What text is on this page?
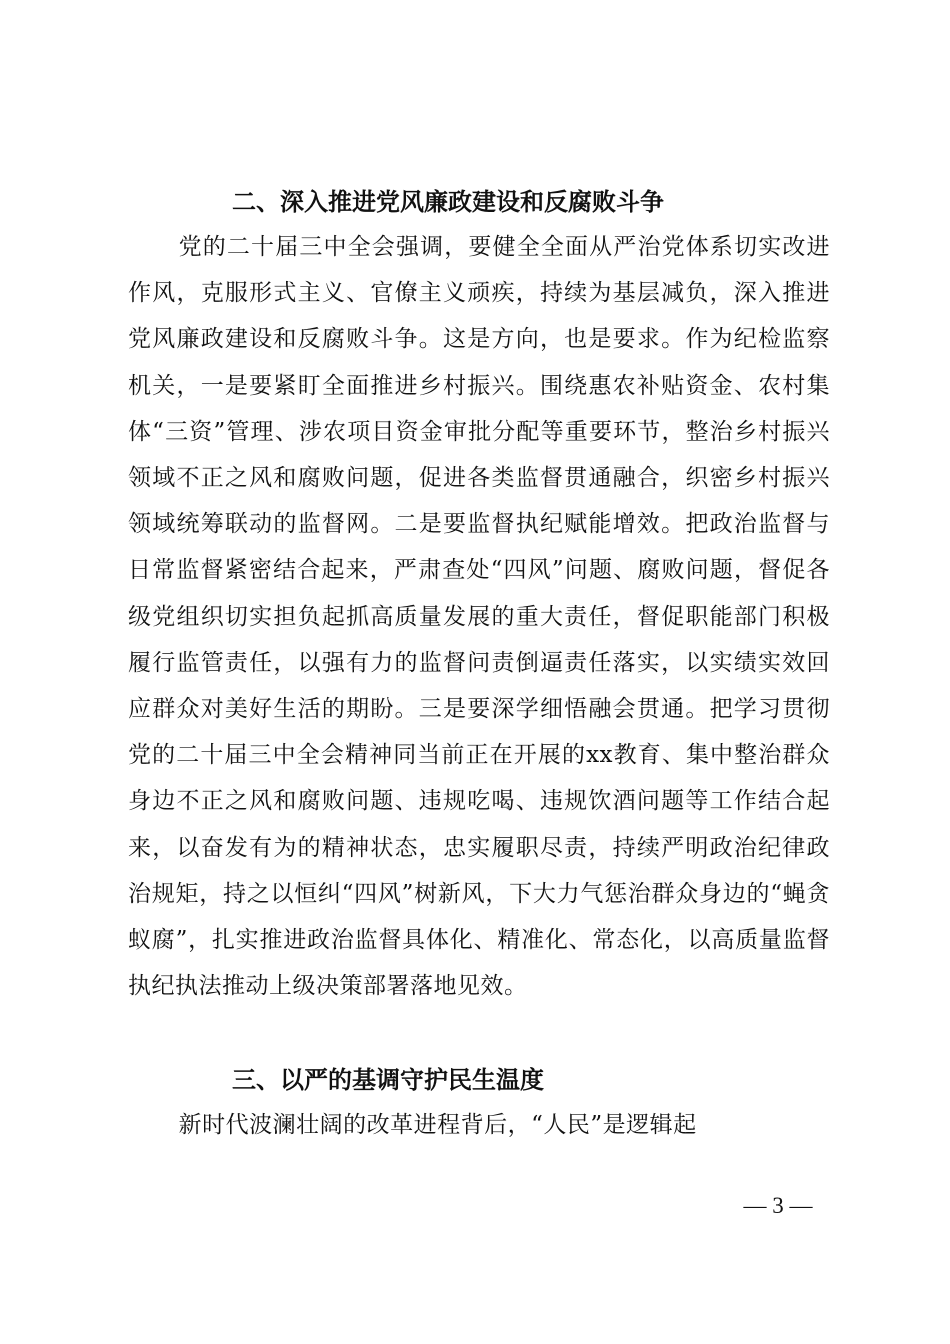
二、深入推进党风廉政建设和反腐败斗争

党的二十届三中全会强调，要健全全面从严治党体系切实改进作风，克服形式主义、官僚主义顽疾，持续为基层减负，深入推进党风廉政建设和反腐败斗争。这是方向，也是要求。作为纪检监察机关，一是要紧盯全面推进乡村振兴。围绕惠农补贴资金、农村集体“三资”管理、涉农项目资金审批分配等重要环节，整治乡村振兴领域不正之风和腐败问题，促进各类监督贯通融合，织密乡村振兴领域统筹联动的监督网。二是要监督执纪赋能增效。把政治监督与日常监督紧密结合起来，严肃查处“四风”问题、腐败问题，督促各级党组织切实担负起抓高质量发展的重大责任，督促职能部门积极履行监管责任，以强有力的监督问责倒逼责任落实，以实绩实效回应群众对美好生活的期盼。三是要深学细悟融会贯通。把学习贯彻党的二十届三中全会精神同当前正在开展的xx教育、集中整治群众身边不正之风和腐败问题、违规吃喝、违规饮酒问题等工作结合起来，以奋发有为的精神状态，忠实履职尽责，持续严明政治纪律政治规矩，持之以恒纠“四风”树新风，下大力气惩治群众身边的“蝇贪蚁腐”，扎实推进政治监督具体化、精准化、常态化，以高质量监督执纪执法推动上级决策部署落地见效。

三、以严的基调守护民生温度

新时代波澜壮阔的改革进程背后，“人民”是逻辑起

— 3 —
